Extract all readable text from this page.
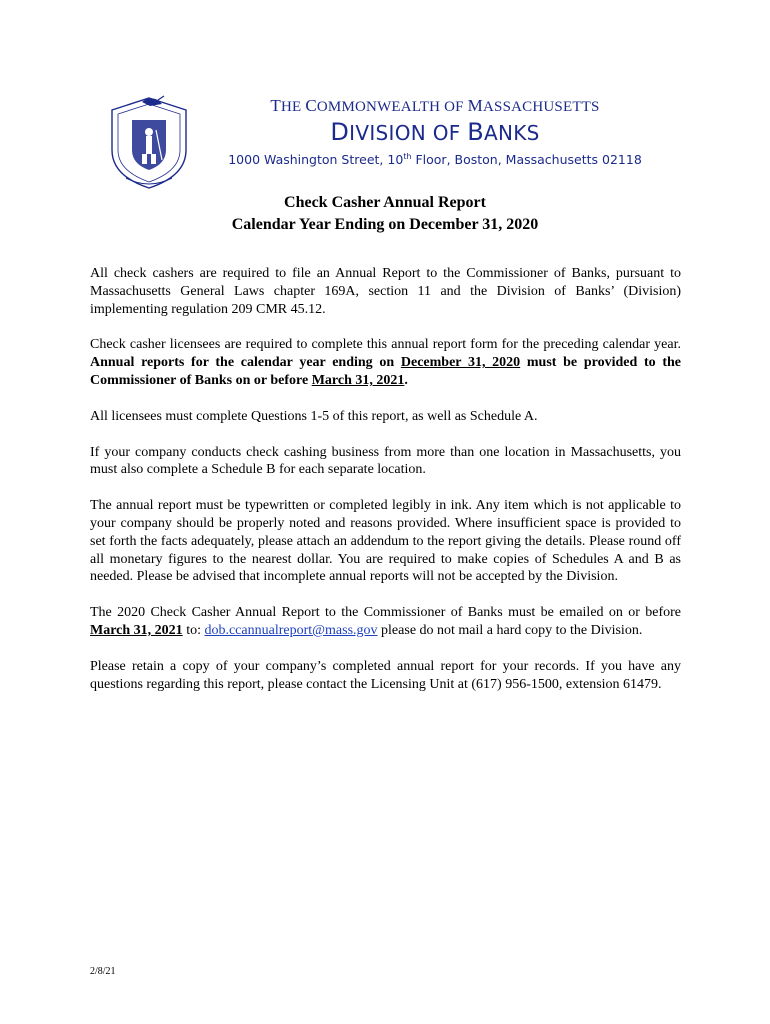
THE COMMONWEALTH OF MASSACHUSETTS
DIVISION OF BANKS
1000 Washington Street, 10th Floor, Boston, Massachusetts 02118
Check Casher Annual Report
Calendar Year Ending on December 31, 2020

All check cashers are required to file an Annual Report to the Commissioner of Banks, pursuant to Massachusetts General Laws chapter 169A, section 11 and the Division of Banks’ (Division) implementing regulation 209 CMR 45.12.

Check casher licensees are required to complete this annual report form for the preceding calendar year. Annual reports for the calendar year ending on December 31, 2020 must be provided to the Commissioner of Banks on or before March 31, 2021.

All licensees must complete Questions 1-5 of this report, as well as Schedule A.

If your company conducts check cashing business from more than one location in Massachusetts, you must also complete a Schedule B for each separate location.

The annual report must be typewritten or completed legibly in ink. Any item which is not applicable to your company should be properly noted and reasons provided. Where insufficient space is provided to set forth the facts adequately, please attach an addendum to the report giving the details. Please round off all monetary figures to the nearest dollar. You are required to make copies of Schedules A and B as needed. Please be advised that incomplete annual reports will not be accepted by the Division.

The 2020 Check Casher Annual Report to the Commissioner of Banks must be emailed on or before March 31, 2021 to: dob.ccannualreport@mass.gov please do not mail a hard copy to the Division.

Please retain a copy of your company’s completed annual report for your records. If you have any questions regarding this report, please contact the Licensing Unit at (617) 956-1500, extension 61479.

2/8/21
